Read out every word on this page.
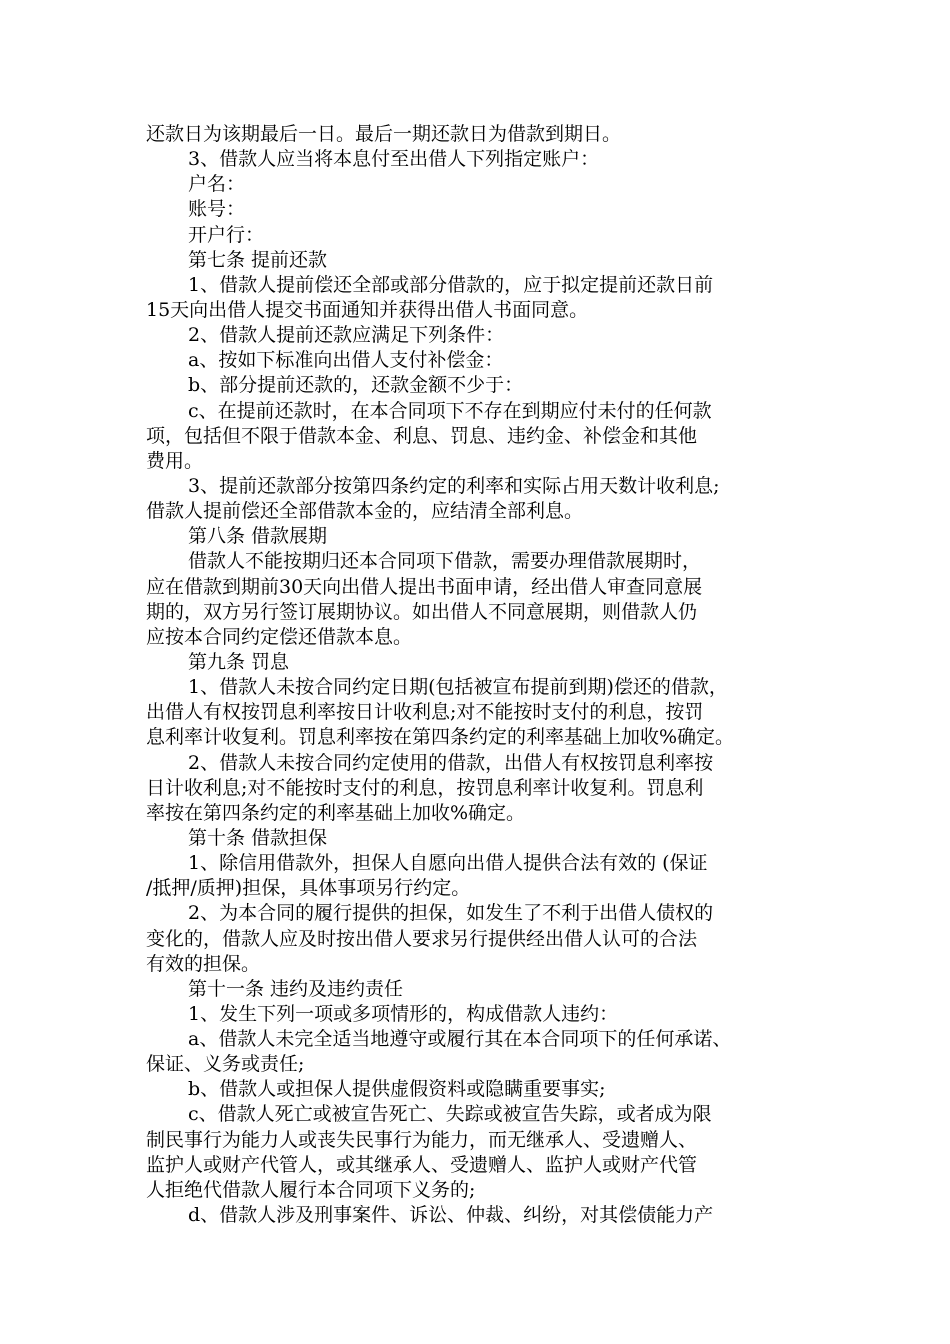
还款日为该期最后一日。最后一期还款日为借款到期日。
3、借款人应当将本息付至出借人下列指定账户：
户名：
账号：
开户行：
第七条 提前还款
1、借款人提前偿还全部或部分借款的，应于拟定提前还款日前
15天向出借人提交书面通知并获得出借人书面同意。
2、借款人提前还款应满足下列条件：
a、按如下标准向出借人支付补偿金：
b、部分提前还款的，还款金额不少于：
c、在提前还款时，在本合同项下不存在到期应付未付的任何款
项，包括但不限于借款本金、利息、罚息、违约金、补偿金和其他
费用。
3、提前还款部分按第四条约定的利率和实际占用天数计收利息;
借款人提前偿还全部借款本金的，应结清全部利息。
第八条 借款展期
借款人不能按期归还本合同项下借款，需要办理借款展期时，
应在借款到期前30天向出借人提出书面申请，经出借人审查同意展
期的，双方另行签订展期协议。如出借人不同意展期，则借款人仍
应按本合同约定偿还借款本息。
第九条 罚息
1、借款人未按合同约定日期(包括被宣布提前到期)偿还的借款，
出借人有权按罚息利率按日计收利息;对不能按时支付的利息，按罚
息利率计收复利。罚息利率按在第四条约定的利率基础上加收%确定。
2、借款人未按合同约定使用的借款，出借人有权按罚息利率按
日计收利息;对不能按时支付的利息，按罚息利率计收复利。罚息利
率按在第四条约定的利率基础上加收%确定。
第十条 借款担保
1、除信用借款外，担保人自愿向出借人提供合法有效的 (保证
/抵押/质押)担保，具体事项另行约定。
2、为本合同的履行提供的担保，如发生了不利于出借人债权的
变化的，借款人应及时按出借人要求另行提供经出借人认可的合法
有效的担保。
第十一条 违约及违约责任
1、发生下列一项或多项情形的，构成借款人违约：
a、借款人未完全适当地遵守或履行其在本合同项下的任何承诺、
保证、义务或责任;
b、借款人或担保人提供虚假资料或隐瞒重要事实;
c、借款人死亡或被宣告死亡、失踪或被宣告失踪，或者成为限
制民事行为能力人或丧失民事行为能力，而无继承人、受遗赠人、
监护人或财产代管人，或其继承人、受遗赠人、监护人或财产代管
人拒绝代借款人履行本合同项下义务的;
d、借款人涉及刑事案件、诉讼、仲裁、纠纷，对其偿债能力产
